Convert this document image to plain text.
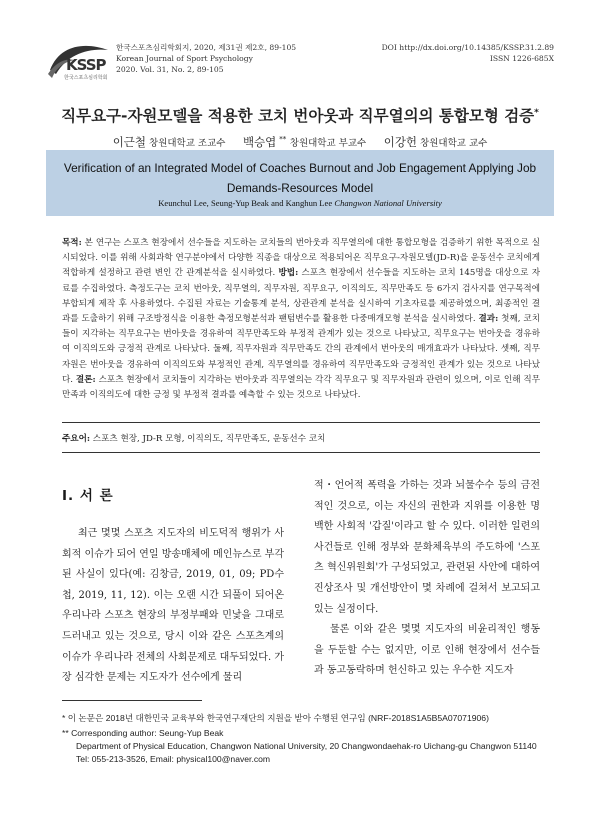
KSSP
한국스포츠심리학회
한국스포츠심리학회지, 2020, 제31권 제2호, 89-105
Korean Journal of Sport Psychology
2020. Vol. 31, No. 2, 89-105
DOI http://dx.doi.org/10.14385/KSSP.31.2.89
ISSN 1226-685X
직무요구-자원모델을 적용한 코치 번아웃과 직무열의의 통합모형 검증*
이근철 창원대학교 조교수 백승엽 ** 창원대학교 부교수 이강헌 창원대학교 교수
Verification of an Integrated Model of Coaches Burnout and Job Engagement Applying Job
Demands-Resources Model
Keunchul Lee, Seung-Yup Beak and Kanghun Lee Changwon National University
목적: 본 연구는 스포츠 현장에서 선수들을 지도하는 코치들의 번아웃과 직무열의에 대한 통합모형을 검증하기 위한 목적으로 실시되었다. 이를 위해 사회과학 연구분야에서 다양한 직종을 대상으로 적용되어온 직무요구-자원모델(JD-R)을 운동선수 코치에게 적합하게 설정하고 관련 변인 간 관계분석을 실시하였다. 방법: 스포츠 현장에서 선수들을 지도하는 코치 145명을 대상으로 자료를 수집하였다. 측정도구는 코치 번아웃, 직무열의, 직무자원, 직무요구, 이직의도, 직무만족도 등 6가지 검사지를 연구목적에 부합되게 제작 후 사용하였다. 수집된 자료는 기술통계 분석, 상관관계 분석을 실시하여 기초자료를 제공하였으며, 최종적인 결과를 도출하기 위해 구조방정식을 이용한 측정모형분석과 팬텀변수를 활용한 다중매개모형 분석을 실시하였다. 결과: 첫째, 코치들이 지각하는 직무요구는 번아웃을 경유하여 직무만족도와 부정적 관계가 있는 것으로 나타났고, 직무요구는 번아웃을 경유하여 이직의도와 긍정적 관계로 나타났다. 둘째, 직무자원과 직무만족도 간의 관계에서 번아웃의 매개효과가 나타났다. 셋째, 직무자원은 번아웃을 경유하여 이직의도와 부정적인 관계, 직무열의를 경유하여 직무만족도와 긍정적인 관계가 있는 것으로 나타났다. 결론: 스포츠 현장에서 코치들이 지각하는 번아웃과 직무열의는 각각 직무요구 및 직무자원과 관련이 있으며, 이로 인해 직무만족과 이직의도에 대한 긍정 및 부정적 결과를 예측할 수 있는 것으로 나타났다.
주요어: 스포츠 현장, JD-R 모형, 이직의도, 직무만족도, 운동선수 코치
Ⅰ. 서 론

최근 몇몇 스포츠 지도자의 비도덕적 행위가 사회적 이슈가 되어 연일 방송매체에 메인뉴스로 부각된 사실이 있다(예: 김창금, 2019, 01, 09; PD수첩, 2019, 11, 12). 이는 오랜 시간 되풀이 되어온 우리나라 스포츠 현장의 부정부패와 민낯을 그대로 드러내고 있는 것으로, 당시 이와 같은 스포츠계의 이슈가 우리나라 전체의 사회문제로 대두되었다. 가장 심각한 문제는 지도자가 선수에게 물리

적・언어적 폭력을 가하는 것과 뇌물수수 등의 금전적인 것으로, 이는 자신의 권한과 지위를 이용한 명백한 사회적 '갑질'이라고 할 수 있다. 이러한 일련의 사건들로 인해 정부와 문화체육부의 주도하에 '스포츠 혁신위원회'가 구성되었고, 관련된 사안에 대하여 진상조사 및 개선방안이 몇 차례에 걸쳐서 보고되고 있는 실정이다.

물론 이와 같은 몇몇 지도자의 비윤리적인 행동을 두둔할 수는 없지만, 이로 인해 현장에서 선수들과 동고동락하며 헌신하고 있는 우수한 지도자

* 이 논문은 2018년 대한민국 교육부와 한국연구재단의 지원을 받아 수행된 연구임 (NRF-2018S1A5B5A07071906)
** Corresponding author: Seung-Yup Beak
Department of Physical Education, Changwon National University, 20 Changwondaehak-ro Uichang-gu Changwon 51140
Tel: 055-213-3526, Email: physical100@naver.com
